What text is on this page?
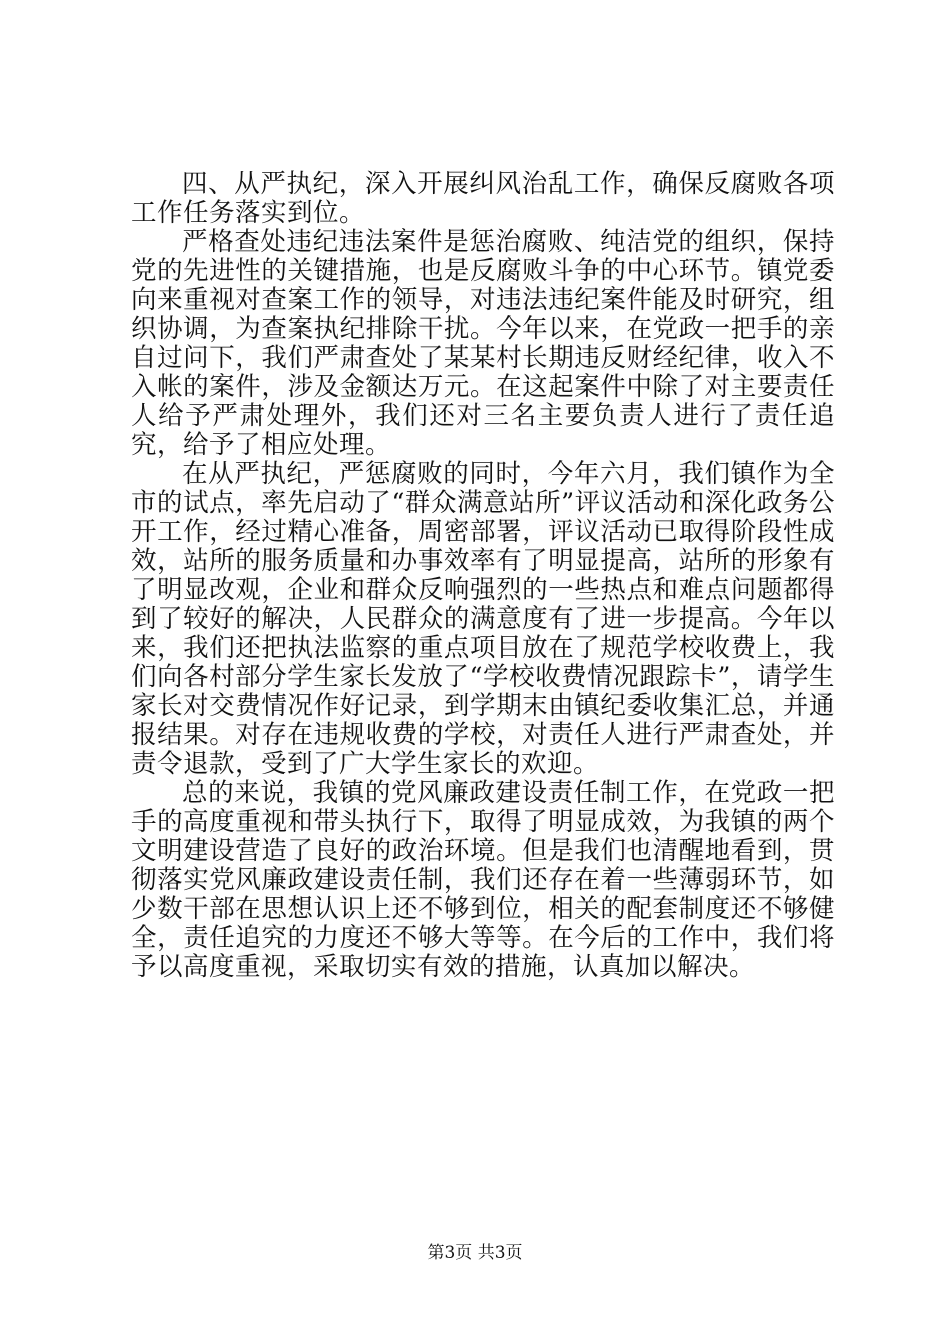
四、从严执纪，深入开展纠风治乱工作，确保反腐败各项工作任务落实到位。

严格查处违纪违法案件是惩治腐败、纯洁党的组织，保持党的先进性的关键措施，也是反腐败斗争的中心环节。镇党委向来重视对查案工作的领导，对违法违纪案件能及时研究，组织协调，为查案执纪排除干扰。今年以来，在党政一把手的亲自过问下，我们严肃查处了某某村长期违反财经纪律，收入不入帐的案件，涉及金额达万元。在这起案件中除了对主要责任人给予严肃处理外，我们还对三名主要负责人进行了责任追究，给予了相应处理。

在从严执纪，严惩腐败的同时，今年六月，我们镇作为全市的试点，率先启动了“群众满意站所”评议活动和深化政务公开工作，经过精心准备，周密部署，评议活动已取得阶段性成效，站所的服务质量和办事效率有了明显提高，站所的形象有了明显改观，企业和群众反响强烈的一些热点和难点问题都得到了较好的解决，人民群众的满意度有了进一步提高。今年以来，我们还把执法监察的重点项目放在了规范学校收费上，我们向各村部分学生家长发放了“学校收费情况跟踪卡”，请学生家长对交费情况作好记录，到学期末由镇纪委收集汇总，并通报结果。对存在违规收费的学校，对责任人进行严肃查处，并责令退款，受到了广大学生家长的欢迎。

总的来说，我镇的党风廉政建设责任制工作，在党政一把手的高度重视和带头执行下，取得了明显成效，为我镇的两个文明建设营造了良好的政治环境。但是我们也清醒地看到，贯彻落实党风廉政建设责任制，我们还存在着一些薄弱环节，如少数干部在思想认识上还不够到位，相关的配套制度还不够健全，责任追究的力度还不够大等等。在今后的工作中，我们将予以高度重视，采取切实有效的措施，认真加以解决。

第3页 共3页
